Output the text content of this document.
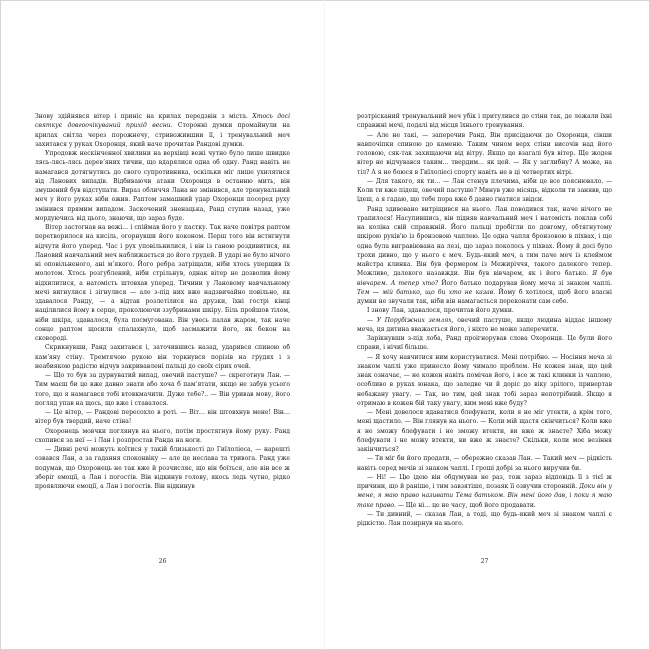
Знову здійнявся вітер і приніс на крилах передзвін з міста. Хтось досі святкує довгоочікуваний прихід весни. Сторонні думки промайнули на крилах світла через порожнечу, стривожившии її, і тренувальний меч захитався у руках Охоронця, який наче прочитав Рандові думки.

Упродовж нескінченної хвилини на верхівці вежі чутно було лише швидке лясь-лясь-лясь деревʼяних тичин, що вдарялися одна об одну. Ранд навіть не намагався дотягнутись до свого супротивника, оскільки міг лише ухилятися від Ланових випадів. Відбиваючи атаки Охоронця в останню мить, він змушений був відступати. Вираз обличчя Лана не змінився, але тренувальний меч у його руках ніби ожив. Раптом замашний удар Охоронця посеред руху змінився прямим випадом. Заскочений зненацька, Ранд ступив назад, уже мордуючись від цього, знаючи, що зараз буде.

Вітер застогнав на вежі… і спіймав його у пастку. Так наче повітря раптом перетворилося на кисіль, огорнувши його коконом. Перш того він встигнути відчути його уперед. Час і рух уповільнилися, і він із ганою роздивитися, як Лановий навчальний меч наближається до його грудей. В ударі не було нічого ні оповільненого, ані мʼякого. Його ребра затріщали, ніби хтось уперщив їх молотом. Хтось розгублений, ніби стрільнув, однак вітер не дозволив йому відхилитися, а натомість штовхав уперед. Тичини у Лановому навчальному мечі вигнулися і зігнулися — але з-під них вже надзвичайно повільно, як здавалося Ранду, — а відтак розлетілися на друзки, їхні гострі кінці націлилися йому в серце, проколюючи ззубринами шкіру. Біль пройшов тілом, ніби шкіра, здавалося, була посмугована. Він увесь палав жаром, так наче сонце раптом щосили спалахнуло, щоб засмажити його, як бекон на сковороді.

Скрикнувши, Ранд захитався і, заточившись назад, ударився спиною об камʼяну стіну. Тремтячою рукою він торкнувся порізів на грудях і з неабиякою радістю відчув закривавлені пальці до своїх сірих очей.

— Що то був за дурнуватий випад, овечий пастуше? — скреготнув Лан. — Тим маєш би це вже давно знати або хоча б памʼятати, якщо не забув усього того, що я намагався тобі втовкмачити. Дуже тебе?.. — Він уривав мову, його погляд упав на щось, що вже і ставалося.

— Це вітер, — Рандові пересохло в роті. — Віт… він штовхнув мене! Він… вітер був твердий, наче стіна!

Охоронець мовчки поглянув на нього, потім простягнув йому руку. Ранд схопився за неї — і Лан і розпростав Ранда на ноги.

— Дивні речі можуть коїтися у такій близькості до Гиїлоліеса, — нарешті озвався Лан, а за гадання споконвіку — але це неслава та тривога. Ранд уже подумав, що Охоронець не так вже й розчисляє, що він боїться, але він все ж зберіг емоції, а Лан і погостів. Він відкинув голову, якось ледь чутно, рідко проявляючи емоції, а Лан і погостів. Він відкинув

26

розтрісканий тренувальний меч убік і притулився до стіни так, де лежали їхні справжні мечі, подалі від місця їхнього тренування.

— Але не такі, — заперечив Ранд. Він присідаючи до Охоронця, сівши навпочіпки спиною до каменю. Таким чином верх стіни височів над його головою, сяк-так захищаючи від вітру. Якщо це взагалі був вітер. Ще жоден вітер не відчувався таким… твердим… як цей. — Як у заглибну? А може, на тіл? А я не боюся в Гиїлоліесі спорту навіть не в ці четвертих вітрі.

— Для такого, як ти… — Лан стенув плечима, ніби це все пояснювало. — Коли ти вже підеш, овечий пастуше? Минув уже місяць, відколи ти занявв, що їдеш, а я гадаю, що тебе пора вже б давно гнатися звідси.

Ранд здивовано витріщився на нього. Лан поводився так, наче нічого не трапилося! Насупившись, він підняв навчальний меч і натомість поклав собі на коліна свій справжній. Його пальці пробігли по довгому, обтягнутому шкірою руків'ю із бронзовою чаплею. Це одна чапля бронзовою в піхвах, і ще одна була вигравіювана на лезі, що зараз поколось у піхвах. Йому й досі було трохи дивно, що у нього є меч. Будь-який меч, а тим паче меч із клеймом майстра клинка. Він був фермером із Межиріччя, такого далекого тепер. Можливо, далекого назавжди. Він був вівчарем, як і його батько. Я був вівчарем. А тепер хто? Його батько подарував йому меча зі знаком чаплі. Тем — мій батько, що би хто не казав. Йому б хотілося, щоб його власні думки не звучали так, ніби він намагається переконати сам себе.

І знову Лан, здавалося, прочитав його думки.

— У Порубіжних землях, овечий пастуше, якщо людина віддає іншому меча, ця дитина вважається його, і ніхто не може заперечити.

Зарікнувши з-під лоба, Ранд проігнорував слова Охоронця. Це були його справи, і нічиї більше.

— Я хочу навчитися ним користуватися. Мені потрібно. — Носіння меча зі знаком чаплі уже принесло йому чимало проблем. Не кожен знав, що цей знак означає, — не кожен навіть помічав його, і все ж такі клинки із чаплею, особливо в руках юнака, що заледве чи й доріс до віку зрілого, привертав небажану увагу. — Так, но тим, цей знак тобі зараз непотрібний. Якщо я отримаю в кожен бій таку увагу, ким мені вже буду?

— Мені довелося вдаватися блефувати, коли я не міг утекти, а крім того, мені щастило. — Він глянув на нього. — Коли мій щастя скінчиться? Коли вже я не зможу блефувати і не зможу втекти, ви вже ж знаєте? Хіба можу блефувати і не можу втекти, ви вже ж знаєте? Скільки, коли моє везіння закінчиться?

— Ти міг би його продати, — обережно сказав Лан. — Такий меч — рідкість навіть серед мечів зі знаком чаплі. І гроші добрі за нього виручив би.

— Ні! — Цю ідею він обдумував не раз, тож зараз відповідь її з тієї ж причини, що й раніше, і тим завзятіше, позаяк її озвучив сторонній. Доки він у мене, я маю право називати Тема батьком. Він мені його дав, і поки я маю таке право. — Ще ні… це не часу, щоб його продавати.

— Ти дивний, — сказав Лан, а тоді, що будь-який меч зі знаком чаплі є рідкістю. Лан позирнув на нього.

27
